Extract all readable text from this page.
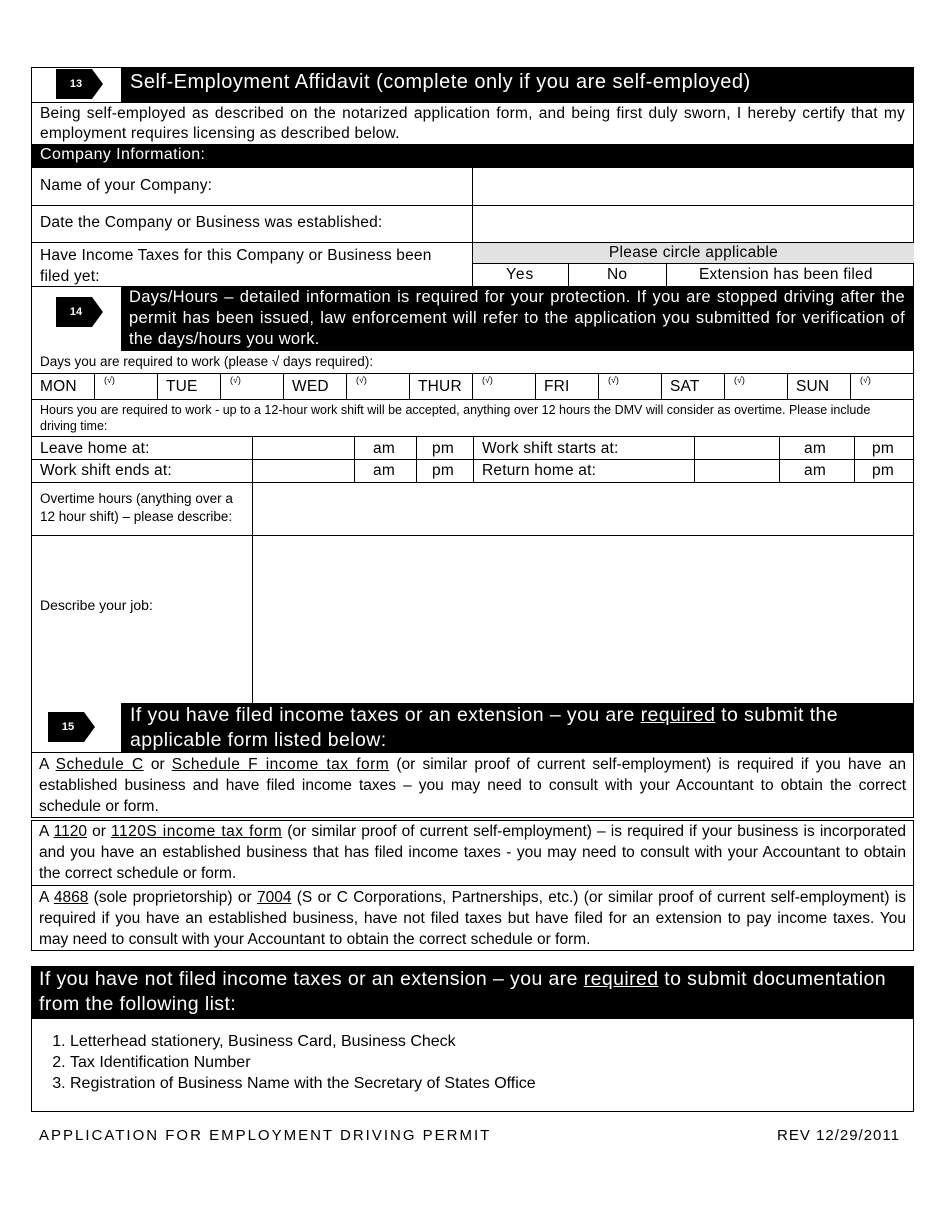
13	Self-Employment Affidavit (complete only if you are self-employed)
Being self-employed as described on the notarized application form, and being first duly sworn, I hereby certify that my employment requires licensing as described below.
Company Information:
Name of your Company:
Date the Company or Business was established:
Have Income Taxes for this Company or Business been filed yet:
Please circle applicable
Yes	No	Extension has been filed
14
Days/Hours – detailed information is required for your protection. If you are stopped driving after the permit has been issued, law enforcement will refer to the application you submitted for verification of the days/hours you work.
Days you are required to work (please √ days required):
MON	(√)	TUE	(√)	WED	(√)	THUR (√)	FRI	(√)	SAT	(√)	SUN	(√)
Hours you are required to work - up to a 12-hour work shift will be accepted, anything over 12 hours the DMV will consider as overtime. Please include driving time:
Leave home at:	am pm Work shift starts at:	am	pm
Work shift ends at:	am pm Return home at:	am	pm
Overtime hours (anything over a 12 hour shift) – please describe:
Describe your job:
15
If you have filed income taxes or an extension – you are required to submit the applicable form listed below:
A Schedule C or Schedule F income tax form (or similar proof of current self-employment) is required if you have an established business and have filed income taxes – you may need to consult with your Accountant to obtain the correct schedule or form.
A 1120 or 1120S income tax form (or similar proof of current self-employment) – is required if your business is incorporated and you have an established business that has filed income taxes - you may need to consult with your Accountant to obtain the correct schedule or form.
A 4868 (sole proprietorship) or 7004 (S or C Corporations, Partnerships, etc.) (or similar proof of current self-employment) is required if you have an established business, have not filed taxes but have filed for an extension to pay income taxes. You may need to consult with your Accountant to obtain the correct schedule or form.
If you have not filed income taxes or an extension – you are required to submit documentation from the following list:
1. Letterhead stationery, Business Card, Business Check
2. Tax Identification Number
3. Registration of Business Name with the Secretary of States Office
APPLICATION FOR EMPLOYMENT DRIVING PERMIT	REV 12/29/2011
